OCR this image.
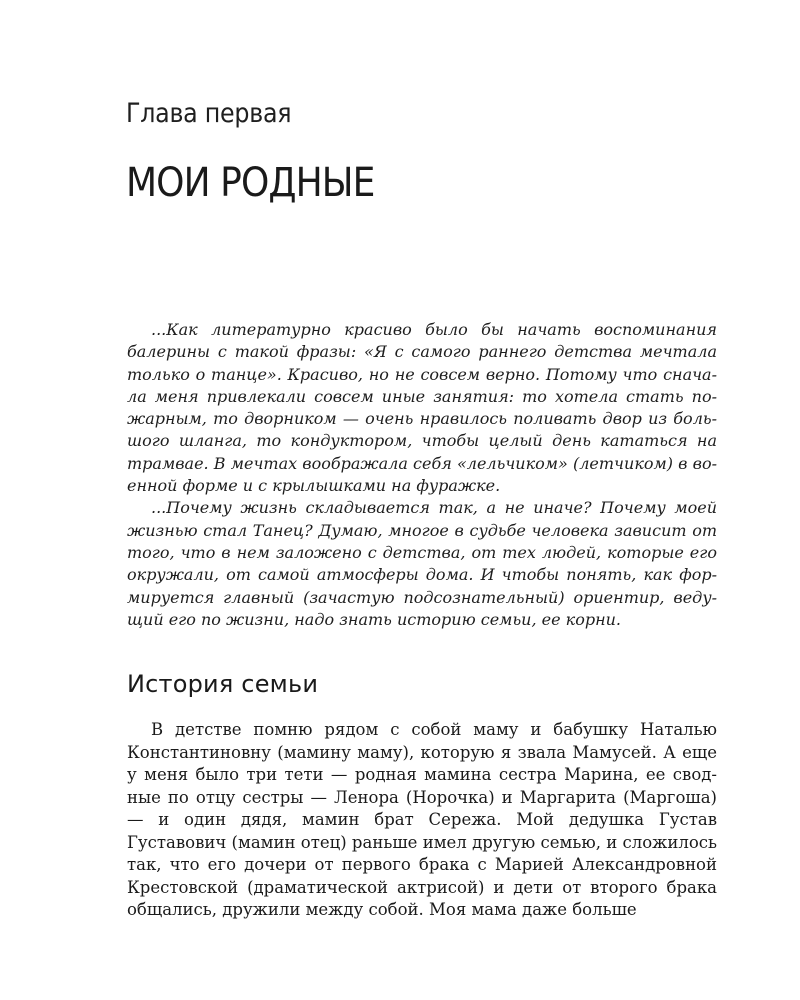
Глава первая
МОИ РОДНЫЕ

...Как литературно красиво было бы начать воспоминания балерины с такой фразы: «Я с самого раннего детства мечтала только о танце». Красиво, но не совсем верно. Потому что сначала меня привлекали совсем иные занятия: то хотела стать пожарным, то дворником — очень нравилось поливать двор из большого шланга, то кондуктором, чтобы целый день кататься на трамвае. В мечтах воображала себя «лельчиком» (летчиком) в военной форме и с крылышками на фуражке.

...Почему жизнь складывается так, а не иначе? Почему моей жизнью стал Танец? Думаю, многое в судьбе человека зависит от того, что в нем заложено с детства, от тех людей, которые его окружали, от самой атмосферы дома. И чтобы понять, как формируется главный (зачастую подсознательный) ориентир, ведущий его по жизни, надо знать историю семьи, ее корни.

История семьи

В детстве помню рядом с собой маму и бабушку Наталью Константиновну (мамину маму), которую я звала Мамусей. А еще у меня было три тети — родная мамина сестра Марина, ее сводные по отцу сестры — Ленора (Норочка) и Маргарита (Маргоша) — и один дядя, мамин брат Сережа. Мой дедушка Густав Густавович (мамин отец) раньше имел другую семью, и сложилось так, что его дочери от первого брака с Марией Александровной Крестовской (драматической актрисой) и дети от второго брака общались, дружили между собой. Моя мама даже больше
